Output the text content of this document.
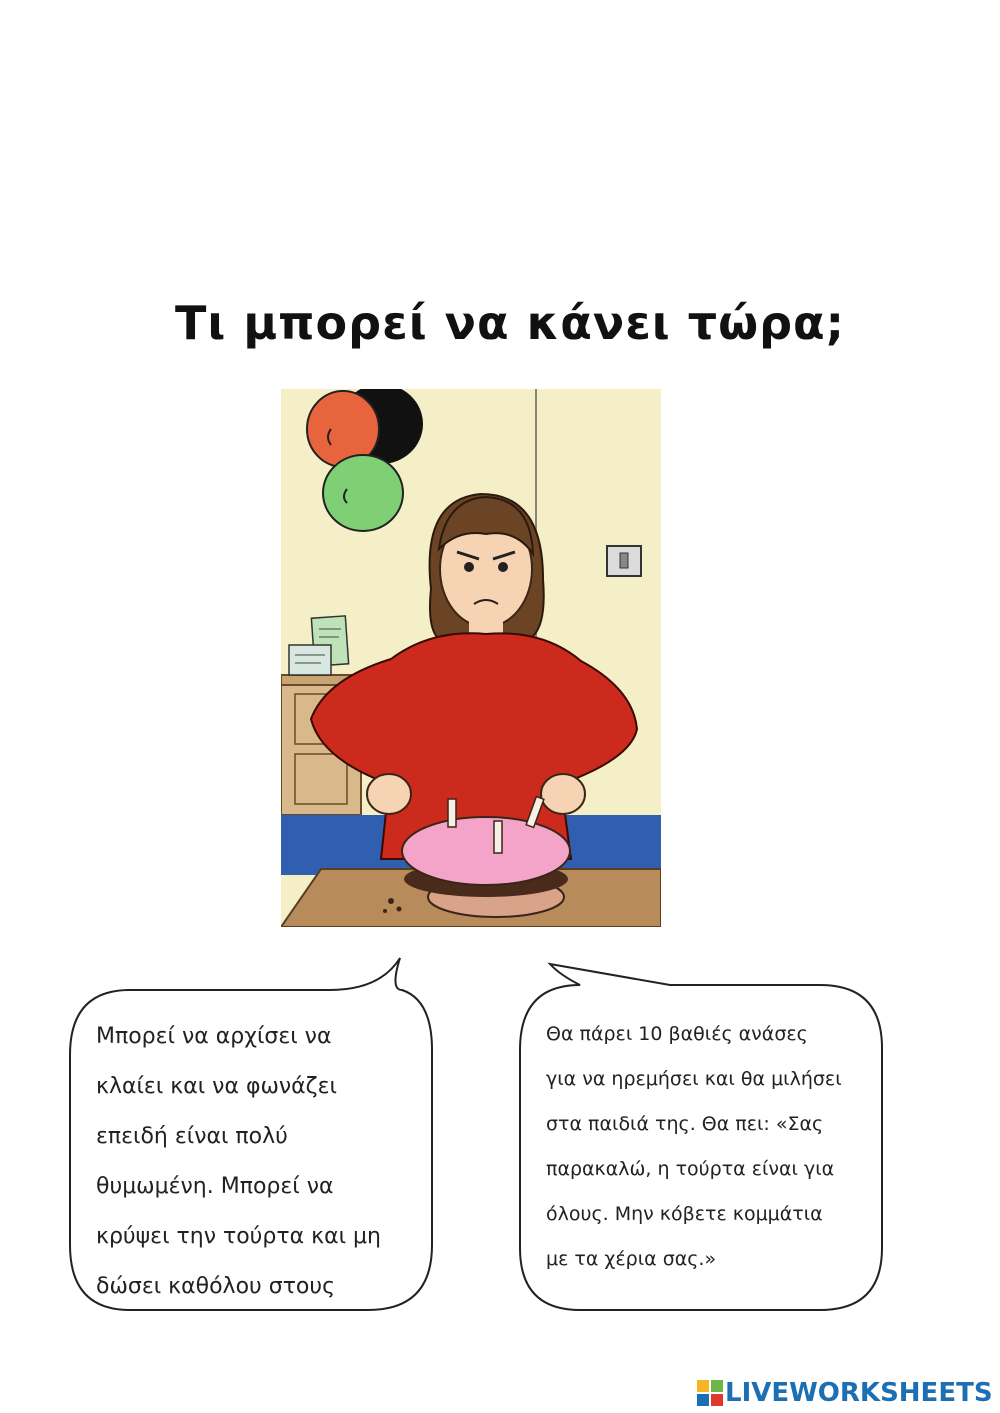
Τι μπορεί να κάνει τώρα;
Μπορεί να αρχίσει να
κλαίει και να φωνάζει
επειδή είναι πολύ
θυμωμένη. Μπορεί να
κρύψει την τούρτα και μη
δώσει καθόλου στους
Θα πάρει 10 βαθιές ανάσες
για να ηρεμήσει και θα μιλήσει
στα παιδιά της. Θα πει: «Σας
παρακαλώ, η τούρτα είναι για
όλους. Μην κόβετε κομμάτια
με τα χέρια σας.»
LIVEWORKSHEETS
